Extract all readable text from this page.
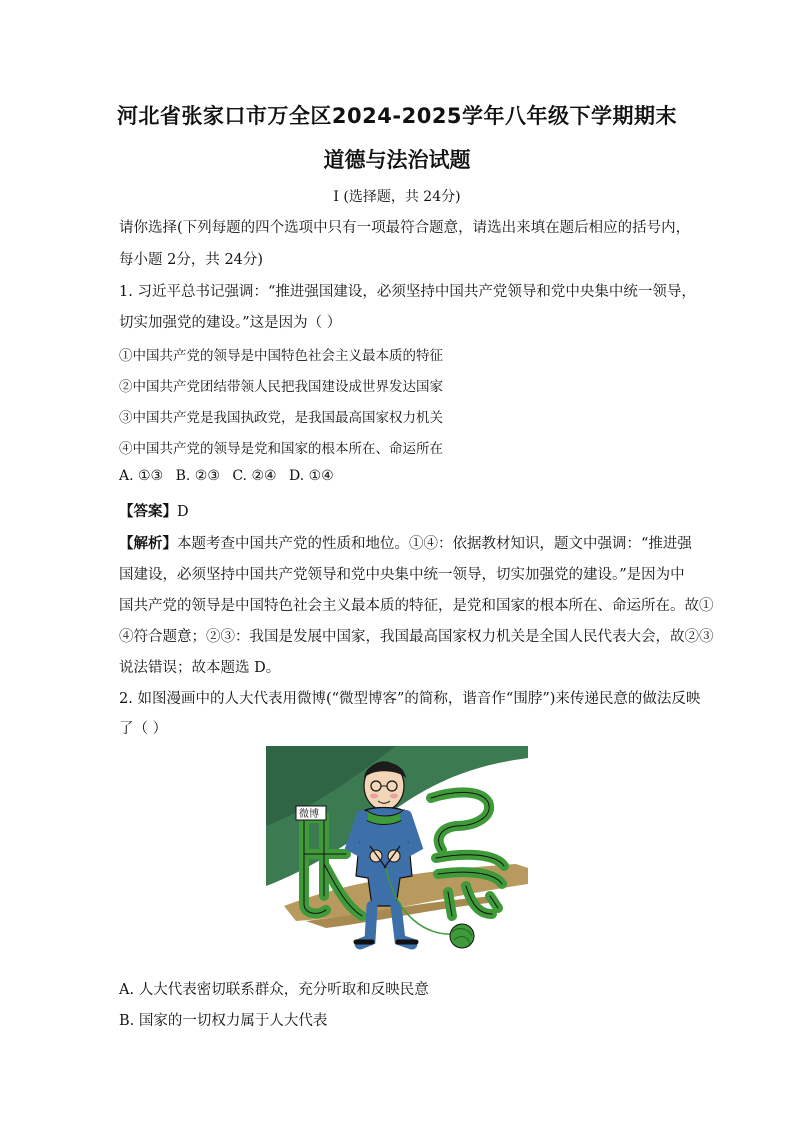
河北省张家口市万全区2024-2025学年八年级下学期期末
道德与法治试题
I (选择题，共 24分)
请你选择(下列每题的四个选项中只有一项最符合题意，请选出来填在题后相应的括号内，
每小题 2分，共 24分)
1. 习近平总书记强调：“推进强国建设，必须坚持中国共产党领导和党中央集中统一领导，
切实加强党的建设。”这是因为（ ）
①中国共产党的领导是中国特色社会主义最本质的特征
②中国共产党团结带领人民把我国建设成世界发达国家
③中国共产党是我国执政党，是我国最高国家权力机关
④中国共产党的领导是党和国家的根本所在、命运所在
A. ①③ B. ②③ C. ②④ D. ①④
【答案】D
【解析】本题考查中国共产党的性质和地位。①④：依据教材知识，题文中强调：“推进强
国建设，必须坚持中国共产党领导和党中央集中统一领导，切实加强党的建设。”是因为中
国共产党的领导是中国特色社会主义最本质的特征，是党和国家的根本所在、命运所在。故①
④符合题意；②③：我国是发展中国家，我国最高国家权力机关是全国人民代表大会，故②③
说法错误；故本题选 D。
2. 如图漫画中的人大代表用微博(“微型博客”的简称，谐音作“围脖”)来传递民意的做法反映
了（ ）
微博
A. 人大代表密切联系群众，充分听取和反映民意
B. 国家的一切权力属于人大代表
